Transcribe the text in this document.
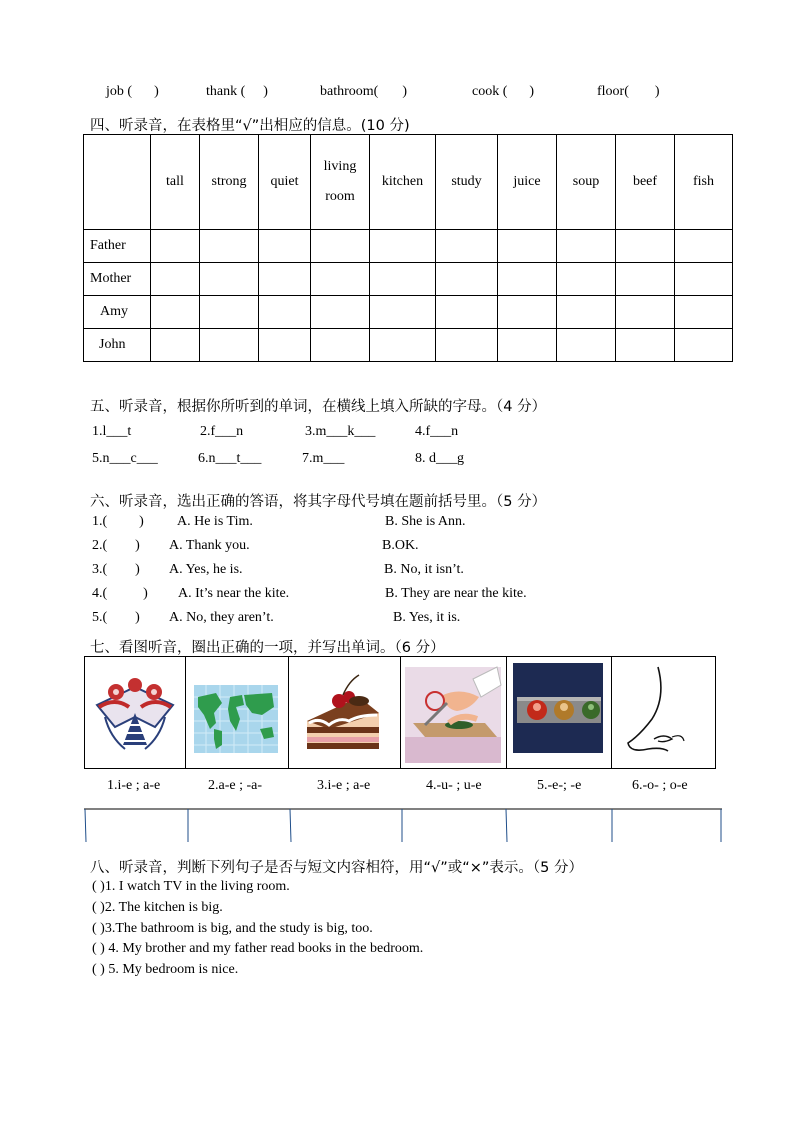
job ( )	thank ( )	bathroom( )	cook ( )	floor( )
四、听录音，在表格里“√”出相应的信息。(10 分)
	tall	strong	quiet	living room	kitchen	study	juice	soup	beef	fish
Father										
Mother										
Amy										
John										
五、听录音，根据你所听到的单词，在横线上填入所缺的字母。（4 分）
1.l___t	2.f___n	3.m___k___	4.f___n
5.n___c___	6.n___t___	7.m___	8. d___g
六、听录音，选出正确的答语，将其字母代号填在题前括号里。（5 分）
1.( ) A. He is Tim.	B. She is Ann.
2.( ) A. Thank you.	B.OK.
3.( ) A. Yes, he is.	B. No, it isn’t.
4.(	) A. It’s near the kite.	B. They are near the kite.
5.( ) A. No, they aren’t.	B. Yes, it is.
七、看图听音，圈出正确的一项，并写出单词。（6 分）
1.i-e ; a-e	2.a-e ; -a-	3.i-e ; a-e	4.-u- ; u-e	5.-e-; -e	6.-o- ; o-e
八、听录音，判断下列句子是否与短文内容相符，用“√”或“×”表示。（5 分）
( )1. I watch TV in the living room.
( )2. The kitchen is big.
( )3.The bathroom is big, and the study is big, too.
( ) 4. My brother and my father read books in the bedroom.
( ) 5. My bedroom is nice.
